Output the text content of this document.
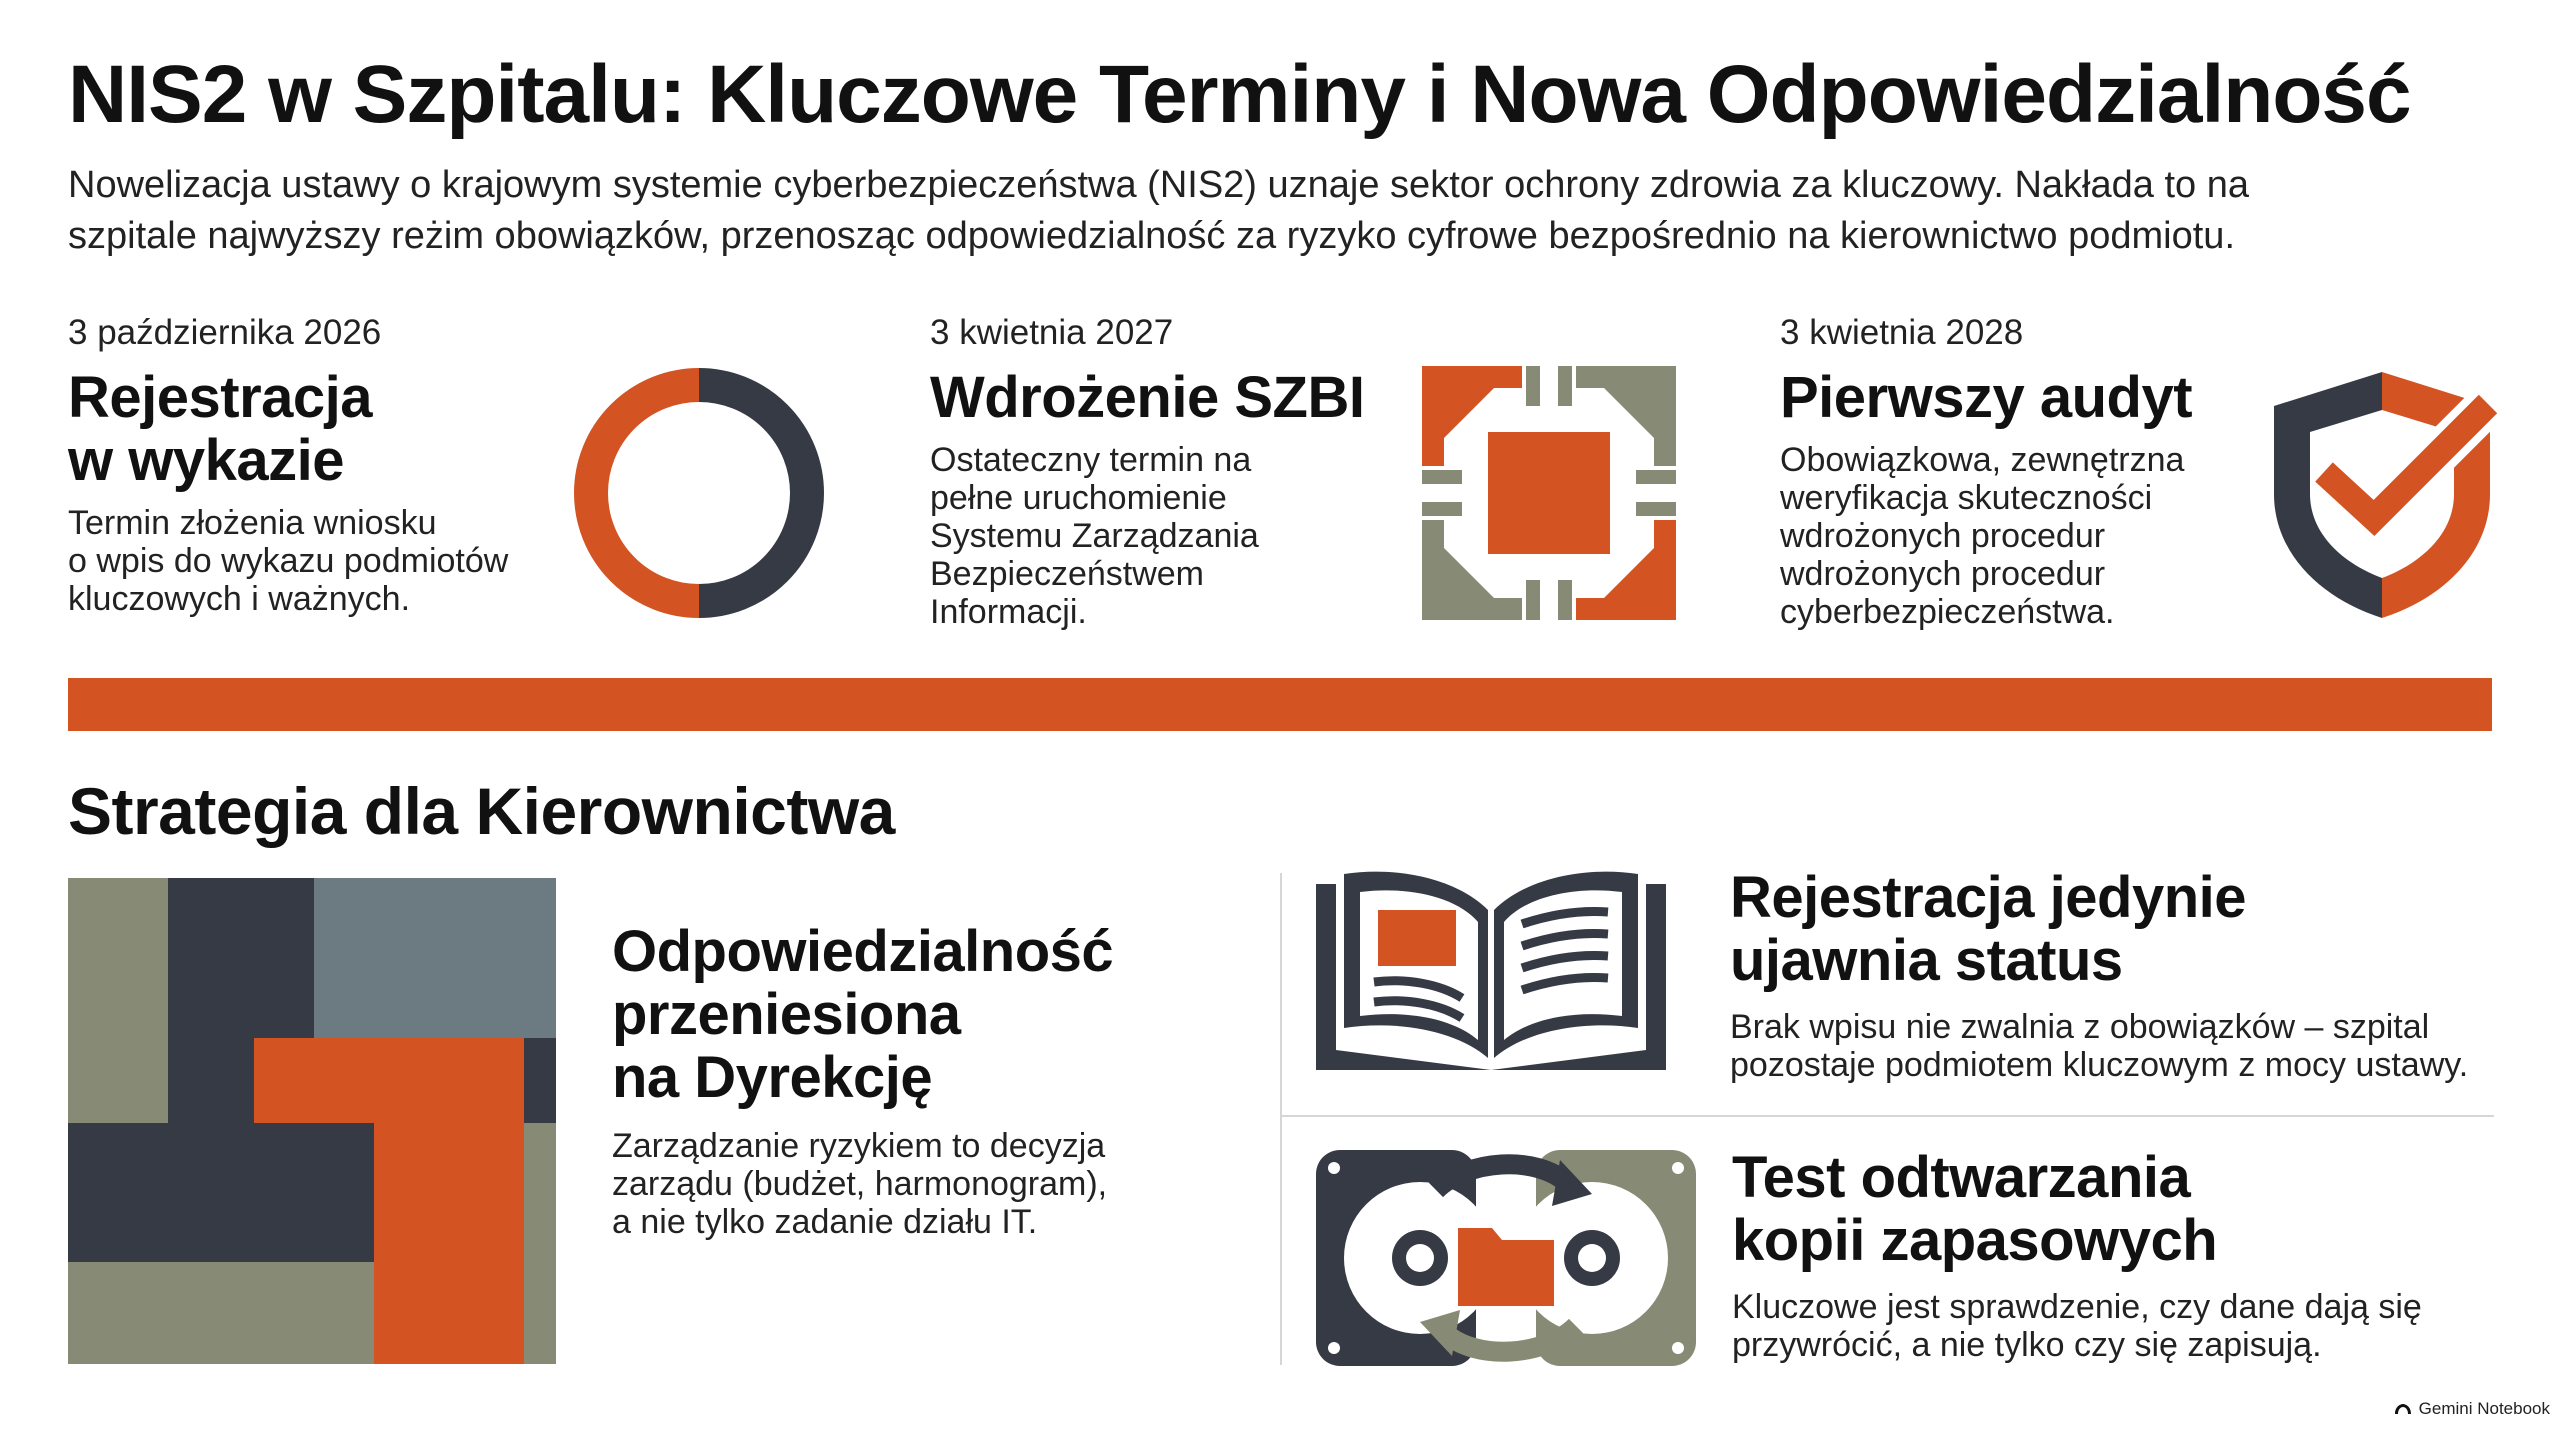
NIS2 w Szpitalu: Kluczowe Terminy i Nowa Odpowiedzialność
Nowelizacja ustawy o krajowym systemie cyberbezpieczeństwa (NIS2) uznaje sektor ochrony zdrowia za kluczowy. Nakłada to na
szpitale najwyższy reżim obowiązków, przenosząc odpowiedzialność za ryzyko cyfrowe bezpośrednio na kierownictwo podmiotu.
3 października 2026
Rejestracja
w wykazie
Termin złożenia wniosku
o wpis do wykazu podmiotów
kluczowych i ważnych.
3 kwietnia 2027
Wdrożenie SZBI
Ostateczny termin na
pełne uruchomienie
Systemu Zarządzania
Bezpieczeństwem
Informacji.
3 kwietnia 2028
Pierwszy audyt
Obowiązkowa, zewnętrzna
weryfikacja skuteczności
wdrożonych procedur
wdrożonych procedur
cyberbezpieczeństwa.
Strategia dla Kierownictwa
Odpowiedzialność
przeniesiona
na Dyrekcję
Zarządzanie ryzykiem to decyzja
zarządu (budżet, harmonogram),
a nie tylko zadanie działu IT.
Rejestracja jedynie
ujawnia status
Brak wpisu nie zwalnia z obowiązków – szpital
pozostaje podmiotem kluczowym z mocy ustawy.
Test odtwarzania
kopii zapasowych
Kluczowe jest sprawdzenie, czy dane dają się
przywrócić, a nie tylko czy się zapisują.
Gemini Notebook
